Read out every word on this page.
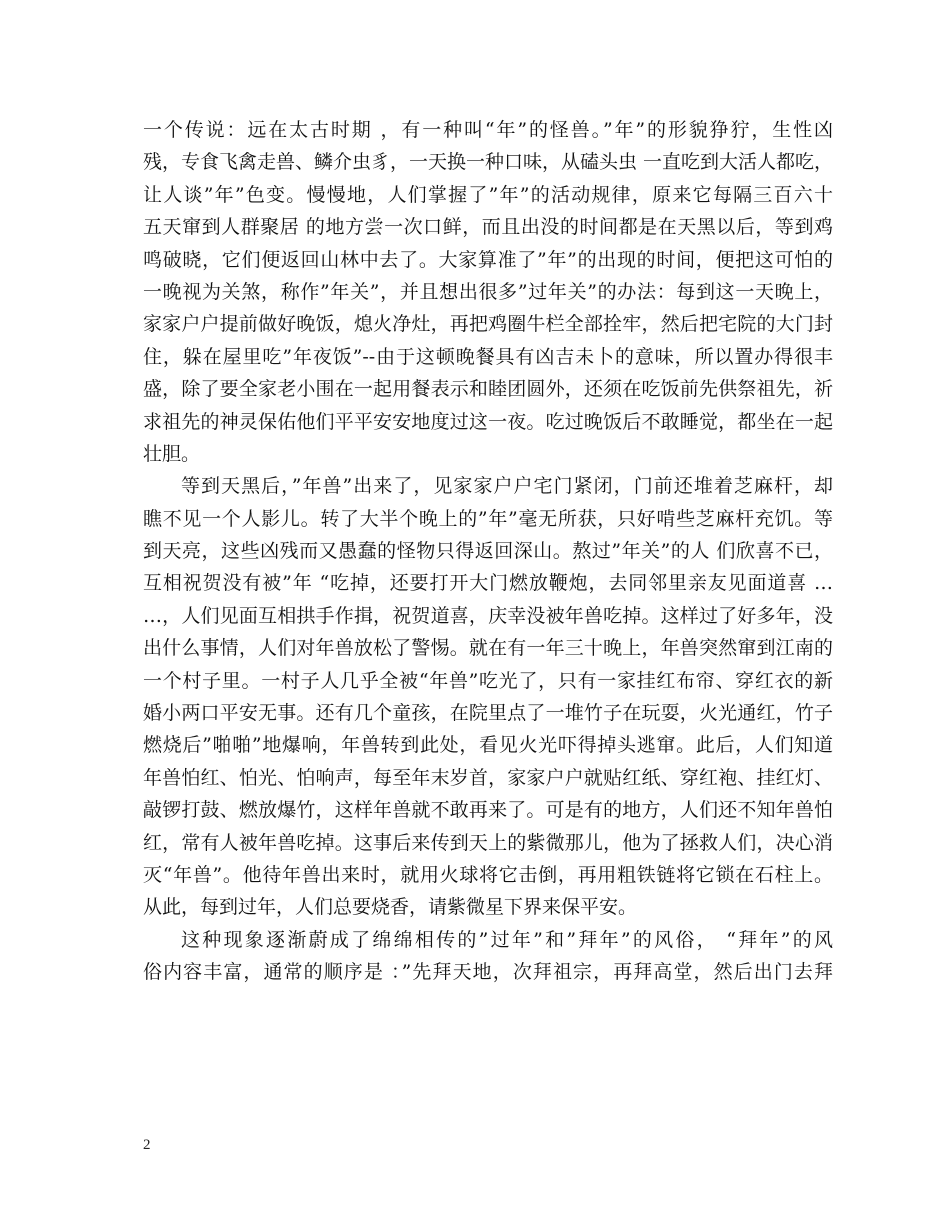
一个传说：远在太古时期 ，有一种叫“年”的怪兽。”年”的形貌狰狞，生性凶
残，专食飞禽走兽、鳞介虫豸，一天换一种口味，从磕头虫 一直吃到大活人都吃，
让人谈”年”色变。慢慢地，人们掌握了”年”的活动规律，原来它每隔三百六十
五天窜到人群聚居 的地方尝一次口鲜，而且出没的时间都是在天黑以后，等到鸡
鸣破晓，它们便返回山林中去了。大家算准了”年”的出现的时间，便把这可怕的
一晚视为关煞，称作”年关”，并且想出很多”过年关”的办法：每到这一天晚上，
家家户户提前做好晚饭，熄火净灶，再把鸡圈牛栏全部拴牢，然后把宅院的大门封
住，躲在屋里吃”年夜饭”--由于这顿晚餐具有凶吉未卜的意味，所以置办得很丰
盛，除了要全家老小围在一起用餐表示和睦团圆外，还须在吃饭前先供祭祖先，祈
求祖先的神灵保佑他们平平安安地度过这一夜。吃过晚饭后不敢睡觉，都坐在一起
壮胆。
等到天黑后，”年兽”出来了，见家家户户宅门紧闭，门前还堆着芝麻杆，却
瞧不见一个人影儿。转了大半个晚上的”年”毫无所获，只好啃些芝麻杆充饥。等
到天亮，这些凶残而又愚蠢的怪物只得返回深山。熬过”年关”的人 们欣喜不已，
互相祝贺没有被”年 “吃掉，还要打开大门燃放鞭炮，去同邻里亲友见面道喜 …
…，人们见面互相拱手作揖，祝贺道喜，庆幸没被年兽吃掉。这样过了好多年，没
出什么事情，人们对年兽放松了警惕。就在有一年三十晚上，年兽突然窜到江南的
一个村子里。一村子人几乎全被“年兽”吃光了，只有一家挂红布帘、穿红衣的新
婚小两口平安无事。还有几个童孩，在院里点了一堆竹子在玩耍，火光通红，竹子
燃烧后”啪啪”地爆响，年兽转到此处，看见火光吓得掉头逃窜。此后，人们知道
年兽怕红、怕光、怕响声，每至年末岁首，家家户户就贴红纸、穿红袍、挂红灯、
敲锣打鼓、燃放爆竹，这样年兽就不敢再来了。可是有的地方，人们还不知年兽怕
红，常有人被年兽吃掉。这事后来传到天上的紫微那儿，他为了拯救人们，决心消
灭“年兽”。他待年兽出来时，就用火球将它击倒，再用粗铁链将它锁在石柱上。
从此，每到过年，人们总要烧香，请紫微星下界来保平安。
这种现象逐渐蔚成了绵绵相传的”过年”和”拜年”的风俗， “拜年”的风
俗内容丰富，通常的顺序是 ：”先拜天地，次拜祖宗，再拜高堂，然后出门去拜
2
